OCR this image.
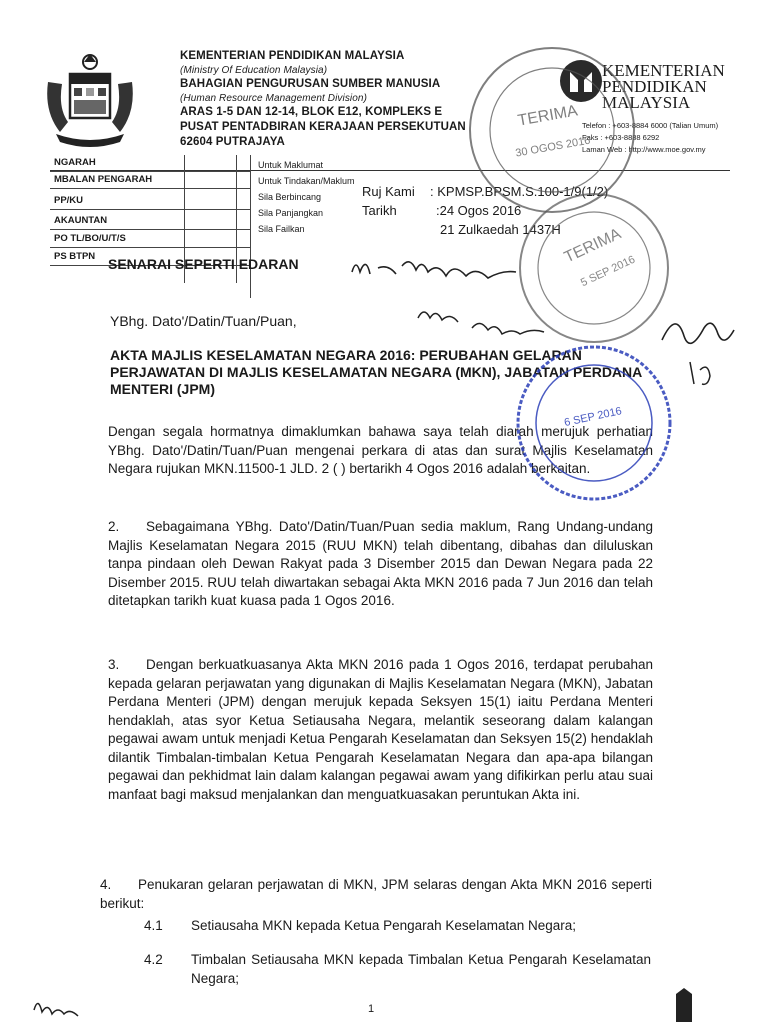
KEMENTERIAN PENDIDIKAN MALAYSIA
(Ministry Of Education Malaysia)
BAHAGIAN PENGURUSAN SUMBER MANUSIA
(Human Resource Management Division)
ARAS 1-5 DAN 12-14, BLOK E12, KOMPLEKS E
PUSAT PENTADBIRAN KERAJAAN PERSEKUTUAN
62604 PUTRAJAYA
KEMENTERIAN
PENDIDIKAN
MALAYSIA
Telefon : +603-8884 6000 (Talian Umum)
Faks : +603-8888 6292
Laman Web : http://www.moe.gov.my
NGARAH
MBALAN PENGARAH
PP/KU
AKAUNTAN
PO TL/BO/U/T/S
PS BTPN
Untuk Maklumat
Untuk Tindakan/Maklum
Sila Berbincang
Sila Panjangkan
Sila Failkan
Ruj Kami : KPMSP.BPSM.S.100-1/9(1/2)
Tarikh	:24 Ogos 2016
21 Zulkaedah 1437H
SENARAI SEPERTI EDARAN
YBhg. Dato'/Datin/Tuan/Puan,
AKTA MAJLIS KESELAMATAN NEGARA 2016: PERUBAHAN GELARAN PERJAWATAN DI MAJLIS KESELAMATAN NEGARA (MKN), JABATAN PERDANA MENTERI (JPM)
Dengan segala hormatnya dimaklumkan bahawa saya telah diarah merujuk perhatian YBhg. Dato'/Datin/Tuan/Puan mengenai perkara di atas dan surat Majlis Keselamatan Negara rujukan MKN.11500-1 JLD. 2 ( ) bertarikh 4 Ogos 2016 adalah berkaitan.
2. Sebagaimana YBhg. Dato'/Datin/Tuan/Puan sedia maklum, Rang Undang-undang Majlis Keselamatan Negara 2015 (RUU MKN) telah dibentang, dibahas dan diluluskan tanpa pindaan oleh Dewan Rakyat pada 3 Disember 2015 dan Dewan Negara pada 22 Disember 2015. RUU telah diwartakan sebagai Akta MKN 2016 pada 7 Jun 2016 dan telah ditetapkan tarikh kuat kuasa pada 1 Ogos 2016.
3. Dengan berkuatkuasanya Akta MKN 2016 pada 1 Ogos 2016, terdapat perubahan kepada gelaran perjawatan yang digunakan di Majlis Keselamatan Negara (MKN), Jabatan Perdana Menteri (JPM) dengan merujuk kepada Seksyen 15(1) iaitu Perdana Menteri hendaklah, atas syor Ketua Setiausaha Negara, melantik seseorang dalam kalangan pegawai awam untuk menjadi Ketua Pengarah Keselamatan dan Seksyen 15(2) hendaklah dilantik Timbalan-timbalan Ketua Pengarah Keselamatan Negara dan apa-apa bilangan pegawai dan pekhidmat lain dalam kalangan pegawai awam yang difikirkan perlu atau suai manfaat bagi maksud menjalankan dan menguatkuasakan peruntukan Akta ini.
4. Penukaran gelaran perjawatan di MKN, JPM selaras dengan Akta MKN 2016 seperti berikut:
4.1 Setiausaha MKN kepada Ketua Pengarah Keselamatan Negara;
4.2 Timbalan Setiausaha MKN kepada Timbalan Ketua Pengarah Keselamatan Negara;
1
TERIMA
30 OGOS 2016
TERIMA
5 SEP 2016
6 SEP 2016
